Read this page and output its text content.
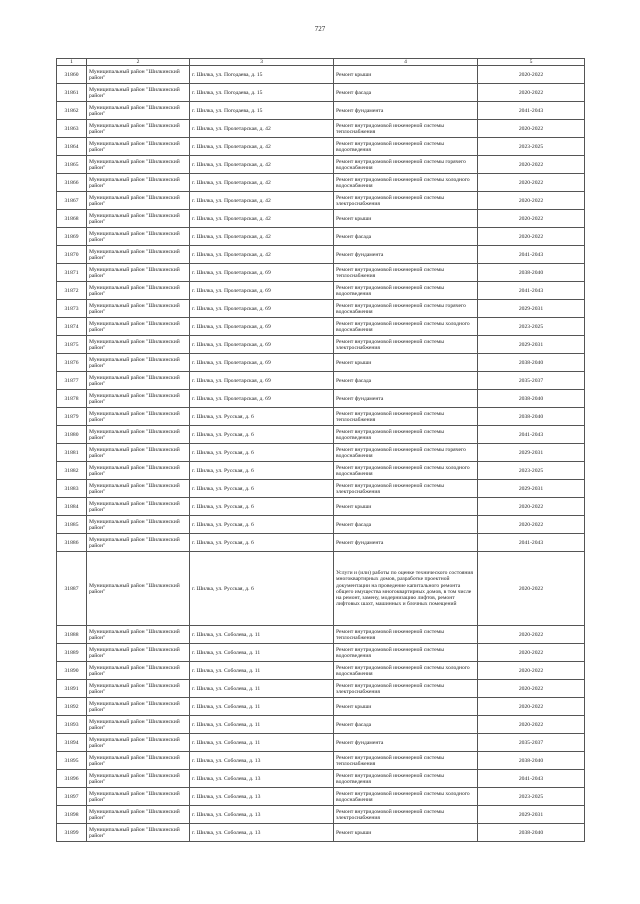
727
1	2	3	4	5
31860	Муниципальный район "Шилкинский район"	г. Шилка, ул. Погодаева, д. 15	Ремонт крыши	2020-2022
31861	Муниципальный район "Шилкинский район"	г. Шилка, ул. Погодаева, д. 15	Ремонт фасада	2020-2022
31862	Муниципальный район "Шилкинский район"	г. Шилка, ул. Погодаева, д. 15	Ремонт фундамента	2041-2043
31863	Муниципальный район "Шилкинский район"	г. Шилка, ул. Пролетарская, д. 42	Ремонт внутридомовой инженерной системы теплоснабжения	2020-2022
31864	Муниципальный район "Шилкинский район"	г. Шилка, ул. Пролетарская, д. 42	Ремонт внутридомовой инженерной системы водоотведения	2023-2025
31865	Муниципальный район "Шилкинский район"	г. Шилка, ул. Пролетарская, д. 42	Ремонт внутридомовой инженерной системы горячего водоснабжения	2020-2022
31866	Муниципальный район "Шилкинский район"	г. Шилка, ул. Пролетарская, д. 42	Ремонт внутридомовой инженерной системы холодного водоснабжения	2020-2022
31867	Муниципальный район "Шилкинский район"	г. Шилка, ул. Пролетарская, д. 42	Ремонт внутридомовой инженерной системы электроснабжения	2020-2022
31868	Муниципальный район "Шилкинский район"	г. Шилка, ул. Пролетарская, д. 42	Ремонт крыши	2020-2022
31869	Муниципальный район "Шилкинский район"	г. Шилка, ул. Пролетарская, д. 42	Ремонт фасада	2020-2022
31870	Муниципальный район "Шилкинский район"	г. Шилка, ул. Пролетарская, д. 42	Ремонт фундамента	2041-2043
31871	Муниципальный район "Шилкинский район"	г. Шилка, ул. Пролетарская, д. 69	Ремонт внутридомовой инженерной системы теплоснабжения	2038-2040
31872	Муниципальный район "Шилкинский район"	г. Шилка, ул. Пролетарская, д. 69	Ремонт внутридомовой инженерной системы водоотведения	2041-2043
31873	Муниципальный район "Шилкинский район"	г. Шилка, ул. Пролетарская, д. 69	Ремонт внутридомовой инженерной системы горячего водоснабжения	2029-2031
31874	Муниципальный район "Шилкинский район"	г. Шилка, ул. Пролетарская, д. 69	Ремонт внутридомовой инженерной системы холодного водоснабжения	2023-2025
31875	Муниципальный район "Шилкинский район"	г. Шилка, ул. Пролетарская, д. 69	Ремонт внутридомовой инженерной системы электроснабжения	2029-2031
31876	Муниципальный район "Шилкинский район"	г. Шилка, ул. Пролетарская, д. 69	Ремонт крыши	2038-2040
31877	Муниципальный район "Шилкинский район"	г. Шилка, ул. Пролетарская, д. 69	Ремонт фасада	2035-2037
31878	Муниципальный район "Шилкинский район"	г. Шилка, ул. Пролетарская, д. 69	Ремонт фундамента	2038-2040
31879	Муниципальный район "Шилкинский район"	г. Шилка, ул. Русская, д. 6	Ремонт внутридомовой инженерной системы теплоснабжения	2038-2040
31880	Муниципальный район "Шилкинский район"	г. Шилка, ул. Русская, д. 6	Ремонт внутридомовой инженерной системы водоотведения	2041-2043
31881	Муниципальный район "Шилкинский район"	г. Шилка, ул. Русская, д. 6	Ремонт внутридомовой инженерной системы горячего водоснабжения	2029-2031
31882	Муниципальный район "Шилкинский район"	г. Шилка, ул. Русская, д. 6	Ремонт внутридомовой инженерной системы холодного водоснабжения	2023-2025
31883	Муниципальный район "Шилкинский район"	г. Шилка, ул. Русская, д. 6	Ремонт внутридомовой инженерной системы электроснабжения	2029-2031
31884	Муниципальный район "Шилкинский район"	г. Шилка, ул. Русская, д. 6	Ремонт крыши	2020-2022
31885	Муниципальный район "Шилкинский район"	г. Шилка, ул. Русская, д. 6	Ремонт фасада	2020-2022
31886	Муниципальный район "Шилкинский район"	г. Шилка, ул. Русская, д. 6	Ремонт фундамента	2041-2043
31887	Муниципальный район "Шилкинский район"	г. Шилка, ул. Русская, д. 6	Услуги и (или) работы по оценке технического состояния многоквартирных домов, разработке проектной документации на проведение капитального ремонта общего имущества многоквартирных домов, в том числе на ремонт, замену, модернизацию лифтов, ремонт лифтовых шахт, машинных и блочных помещений	2020-2022
31888	Муниципальный район "Шилкинский район"	г. Шилка, ул. Соболева, д. 11	Ремонт внутридомовой инженерной системы теплоснабжения	2020-2022
31889	Муниципальный район "Шилкинский район"	г. Шилка, ул. Соболева, д. 11	Ремонт внутридомовой инженерной системы водоотведения	2020-2022
31890	Муниципальный район "Шилкинский район"	г. Шилка, ул. Соболева, д. 11	Ремонт внутридомовой инженерной системы холодного водоснабжения	2020-2022
31891	Муниципальный район "Шилкинский район"	г. Шилка, ул. Соболева, д. 11	Ремонт внутридомовой инженерной системы электроснабжения	2020-2022
31892	Муниципальный район "Шилкинский район"	г. Шилка, ул. Соболева, д. 11	Ремонт крыши	2020-2022
31893	Муниципальный район "Шилкинский район"	г. Шилка, ул. Соболева, д. 11	Ремонт фасада	2020-2022
31894	Муниципальный район "Шилкинский район"	г. Шилка, ул. Соболева, д. 11	Ремонт фундамента	2035-2037
31895	Муниципальный район "Шилкинский район"	г. Шилка, ул. Соболева, д. 13	Ремонт внутридомовой инженерной системы теплоснабжения	2038-2040
31896	Муниципальный район "Шилкинский район"	г. Шилка, ул. Соболева, д. 13	Ремонт внутридомовой инженерной системы водоотведения	2041-2043
31897	Муниципальный район "Шилкинский район"	г. Шилка, ул. Соболева, д. 13	Ремонт внутридомовой инженерной системы холодного водоснабжения	2023-2025
31898	Муниципальный район "Шилкинский район"	г. Шилка, ул. Соболева, д. 13	Ремонт внутридомовой инженерной системы электроснабжения	2029-2031
31899	Муниципальный район "Шилкинский район"	г. Шилка, ул. Соболева, д. 13	Ремонт крыши	2038-2040
